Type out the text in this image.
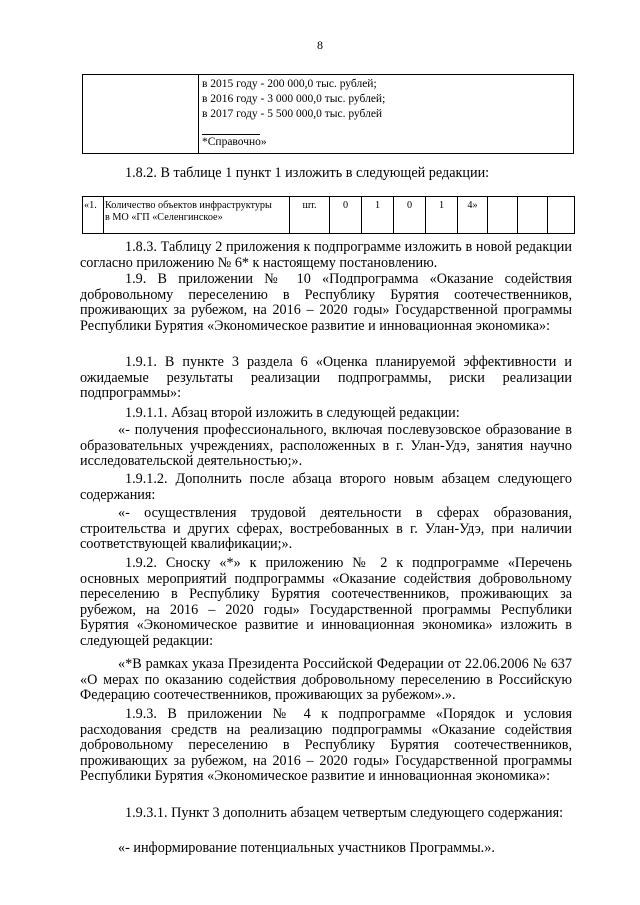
8

в 2015 году - 200 000,0 тыс. рублей;
в 2016 году - 3 000 000,0 тыс. рублей;
в 2017 году - 5 500 000,0 тыс. рублей
*Справочно»

1.8.2. В таблице 1 пункт 1 изложить в следующей редакции:

«1.	Количество объектов инфраструктуры
в МО «ГП «Селенгинское»
	шт.	0	1	0	1	4»			

1.8.3. Таблицу 2 приложения к подпрограмме изложить в новой редакции согласно приложению № 6* к настоящему постановлению.

1.9. В приложении № 10 «Подпрограмма «Оказание содействия добровольному переселению в Республику Бурятия соотечественников, проживающих за рубежом, на 2016 – 2020 годы» Государственной программы Республики Бурятия «Экономическое развитие и инновационная экономика»:

1.9.1. В пункте 3 раздела 6 «Оценка планируемой эффективности и ожидаемые результаты реализации подпрограммы, риски реализации подпрограммы»:

1.9.1.1. Абзац второй изложить в следующей редакции:

«- получения профессионального, включая послевузовское образование в образовательных учреждениях, расположенных в г. Улан-Удэ, занятия научно исследовательской деятельностью;».

1.9.1.2. Дополнить после абзаца второго новым абзацем следующего содержания:

«- осуществления трудовой деятельности в сферах образования, строительства и других сферах, востребованных в г. Улан-Удэ, при наличии соответствующей квалификации;».

1.9.2. Сноску «*» к приложению № 2 к подпрограмме «Перечень основных мероприятий подпрограммы «Оказание содействия добровольному переселению в Республику Бурятия соотечественников, проживающих за рубежом, на 2016 – 2020 годы» Государственной программы Республики Бурятия «Экономическое развитие и инновационная экономика» изложить в следующей редакции:

«*В рамках указа Президента Российской Федерации от 22.06.2006 № 637 «О мерах по оказанию содействия добровольному переселению в Российскую Федерацию соотечественников, проживающих за рубежом».».

1.9.3. В приложении № 4 к подпрограмме «Порядок и условия расходования средств на реализацию подпрограммы «Оказание содействия добровольному переселению в Республику Бурятия соотечественников, проживающих за рубежом, на 2016 – 2020 годы» Государственной программы Республики Бурятия «Экономическое развитие и инновационная экономика»:

1.9.3.1. Пункт 3 дополнить абзацем четвертым следующего содержания:

«- информирование потенциальных участников Программы.».
